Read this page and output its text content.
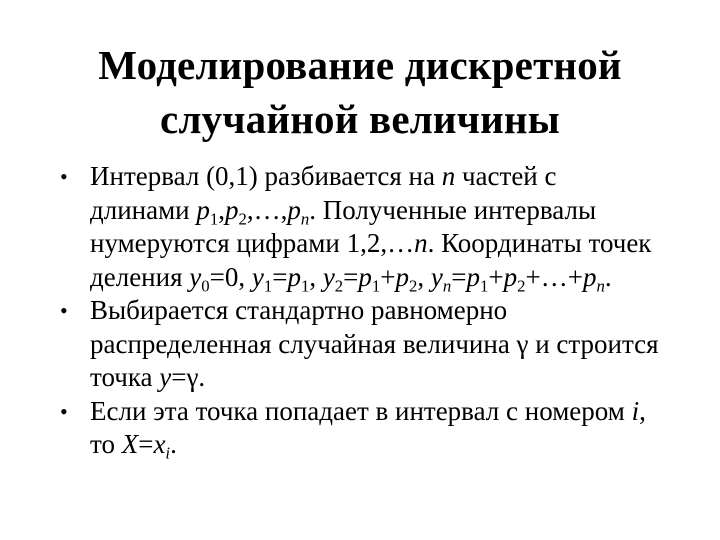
Моделирование дискретной
случайной величины
• Интервал (0,1) разбивается на n частей с
длинами $p_1,p_2,\dots,p_n$. Полученные интервалы
нумеруются цифрами 1,2,…n. Координаты точек
деления $y_0=0$, $y_1=p_1$, $y_2=p_1+p_2$, $y_n=p_1+p_2+\dots+p_n$.
• Выбирается стандартно равномерно
распределенная случайная величина γ и строится
точка y=γ.
• Если эта точка попадает в интервал с номером i,
то $X=x_i$.
